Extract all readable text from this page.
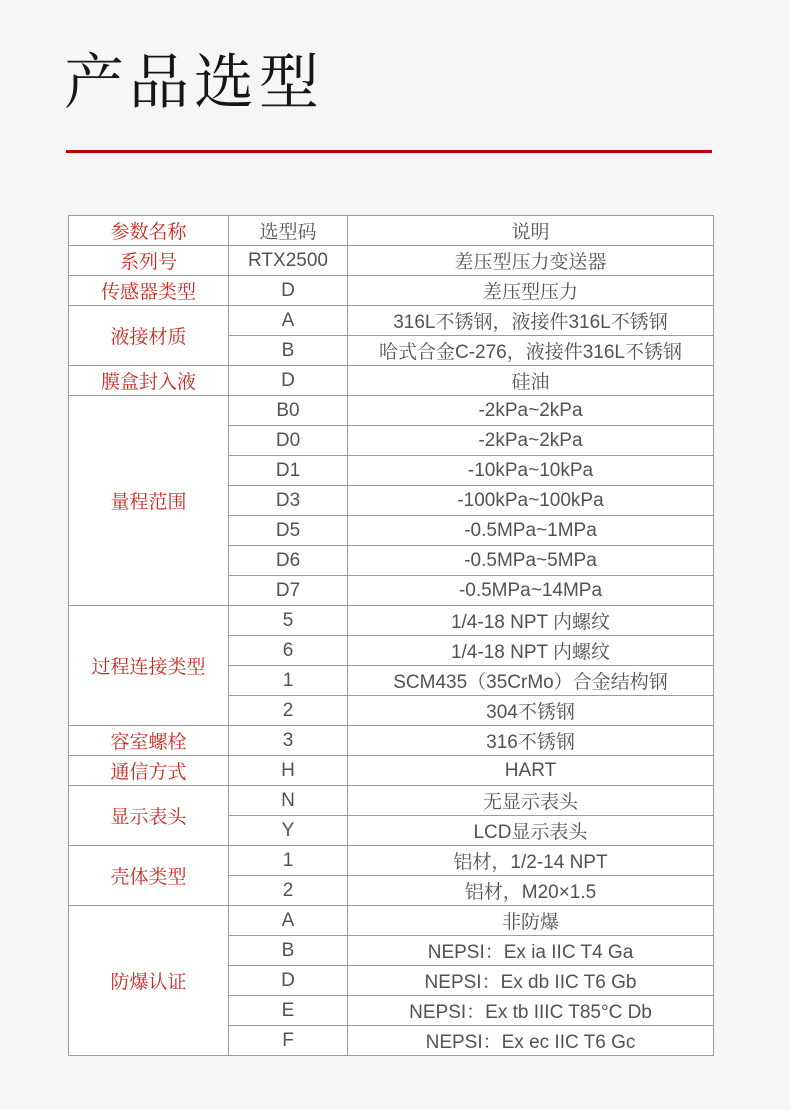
产品选型
参数名称	选型码	说明
系列号	RTX2500	差压型压力变送器
传感器类型	D	差压型压力
液接材质	A	316L不锈钢，液接件316L不锈钢
	B	哈式合金C-276，液接件316L不锈钢
膜盒封入液	D	硅油
量程范围	B0	-2kPa~2kPa
	D0	-2kPa~2kPa
	D1	-10kPa~10kPa
	D3	-100kPa~100kPa
	D5	-0.5MPa~1MPa
	D6	-0.5MPa~5MPa
	D7	-0.5MPa~14MPa
过程连接类型	5	1/4-18 NPT 内螺纹
	6	1/4-18 NPT 内螺纹
	1	SCM435（35CrMo）合金结构钢
	2	304不锈钢
容室螺栓	3	316不锈钢
通信方式	H	HART
显示表头	N	无显示表头
	Y	LCD显示表头
壳体类型	1	铝材，1/2-14 NPT
	2	铝材，M20×1.5
防爆认证	A	非防爆
	B	NEPSI：Ex ia IIC T4 Ga
	D	NEPSI：Ex db IIC T6 Gb
	E	NEPSI：Ex tb IIIC T85°C Db
	F	NEPSI：Ex ec IIC T6 Gc
